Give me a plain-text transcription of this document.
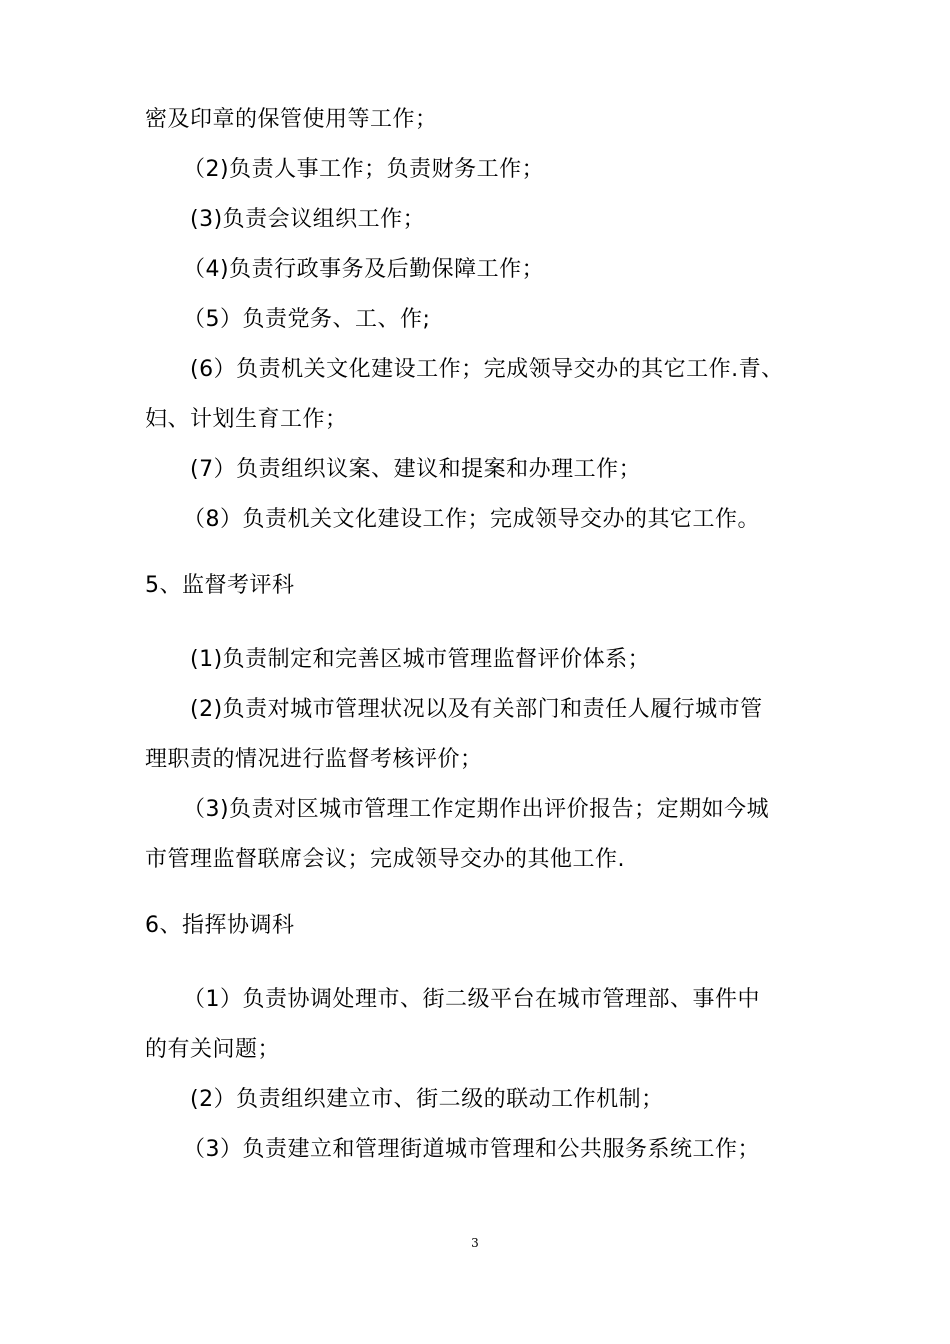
密及印章的保管使用等工作；
（2)负责人事工作；负责财务工作；
(3)负责会议组织工作；
（4)负责行政事务及后勤保障工作；
（5）负责党务、工、作;
(6）负责机关文化建设工作；完成领导交办的其它工作.青、
妇、计划生育工作；
(7）负责组织议案、建议和提案和办理工作；
（8）负责机关文化建设工作；完成领导交办的其它工作。
5、监督考评科
(1)负责制定和完善区城市管理监督评价体系；
(2)负责对城市管理状况以及有关部门和责任人履行城市管
理职责的情况进行监督考核评价；
（3)负责对区城市管理工作定期作出评价报告；定期如今城
市管理监督联席会议；完成领导交办的其他工作.
6、指挥协调科
（1）负责协调处理市、街二级平台在城市管理部、事件中
的有关问题；
(2）负责组织建立市、街二级的联动工作机制；
（3）负责建立和管理街道城市管理和公共服务系统工作；
3
